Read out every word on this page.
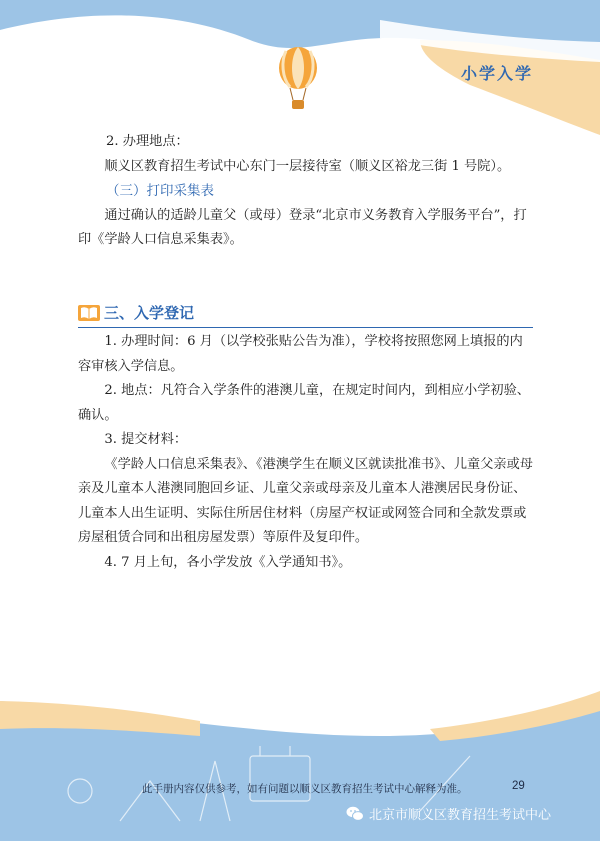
小学入学

2. 办理地点：

顺义区教育招生考试中心东门一层接待室（顺义区裕龙三街 1 号院）。

（三）打印采集表

通过确认的适龄儿童父（或母）登录“北京市义务教育入学服务平台”，打印《学龄人口信息采集表》。

三、入学登记

1. 办理时间：6 月（以学校张贴公告为准），学校将按照您网上填报的内容审核入学信息。

2. 地点：凡符合入学条件的港澳儿童，在规定时间内，到相应小学初验、确认。

3. 提交材料：

《学龄人口信息采集表》、《港澳学生在顺义区就读批准书》、儿童父亲或母亲及儿童本人港澳同胞回乡证、儿童父亲或母亲及儿童本人港澳居民身份证、儿童本人出生证明、实际住所居住材料（房屋产权证或网签合同和全款发票或房屋租赁合同和出租房屋发票）等原件及复印件。

4. 7 月上旬，各小学发放《入学通知书》。

此手册内容仅供参考，如有问题以顺义区教育招生考试中心解释为准。	29
北京市顺义区教育招生考试中心
